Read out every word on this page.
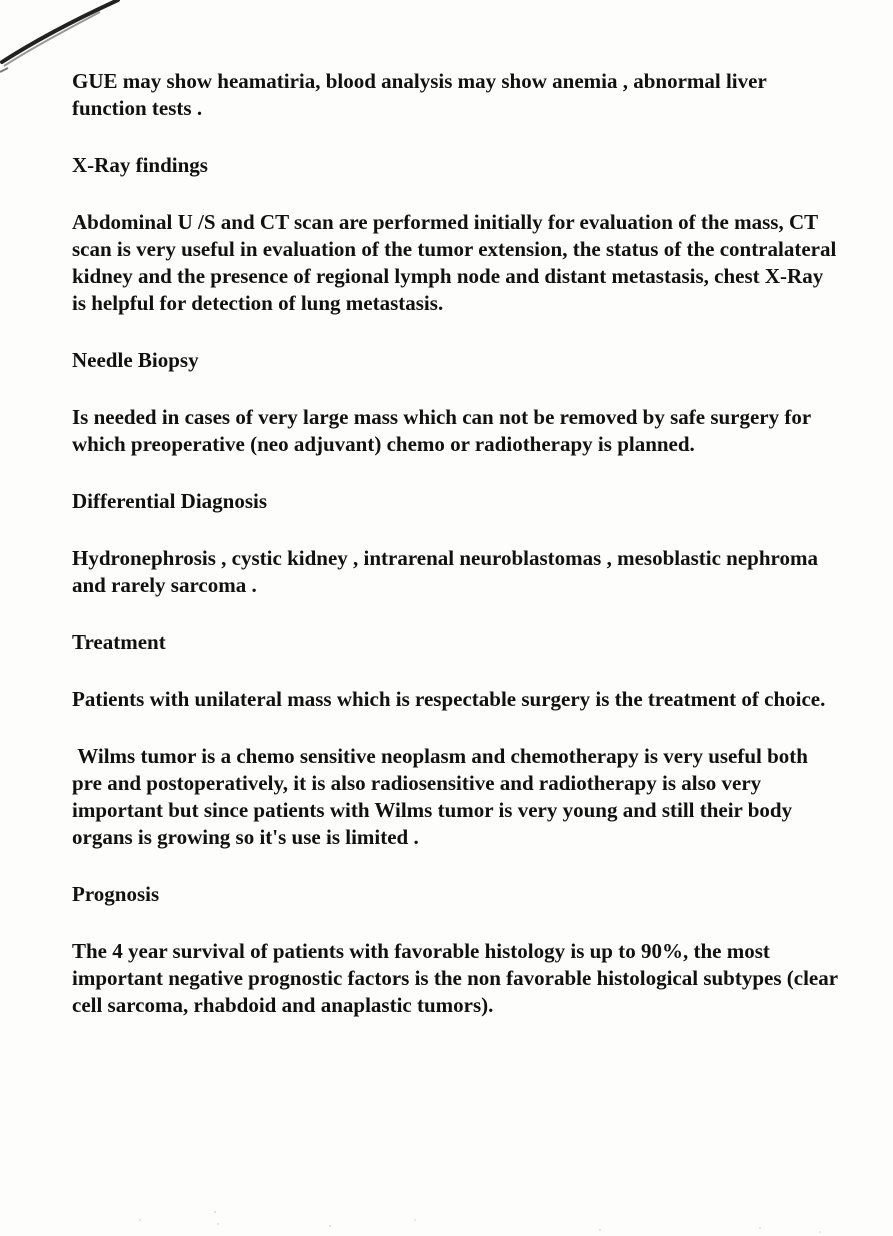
GUE may show heamatiria, blood analysis may show anemia , abnormal liver function tests .

X-Ray findings

Abdominal U /S and CT scan are performed initially for evaluation of the mass, CT scan is very useful in evaluation of the tumor extension, the status of the contralateral kidney and the presence of regional lymph node and distant metastasis, chest X-Ray is helpful for detection of lung metastasis.

Needle Biopsy

Is needed in cases of very large mass which can not be removed by safe surgery for which preoperative (neo adjuvant) chemo or radiotherapy is planned.

Differential Diagnosis

Hydronephrosis , cystic kidney , intrarenal neuroblastomas , mesoblastic nephroma and rarely sarcoma .

Treatment

Patients with unilateral mass which is respectable surgery is the treatment of choice.

Wilms tumor is a chemo sensitive neoplasm and chemotherapy is very useful both pre and postoperatively, it is also radiosensitive and radiotherapy is also very important but since patients with Wilms tumor is very young and still their body organs is growing so it's use is limited .

Prognosis

The 4 year survival of patients with favorable histology is up to 90%, the most important negative prognostic factors is the non favorable histological subtypes (clear cell sarcoma, rhabdoid and anaplastic tumors).
